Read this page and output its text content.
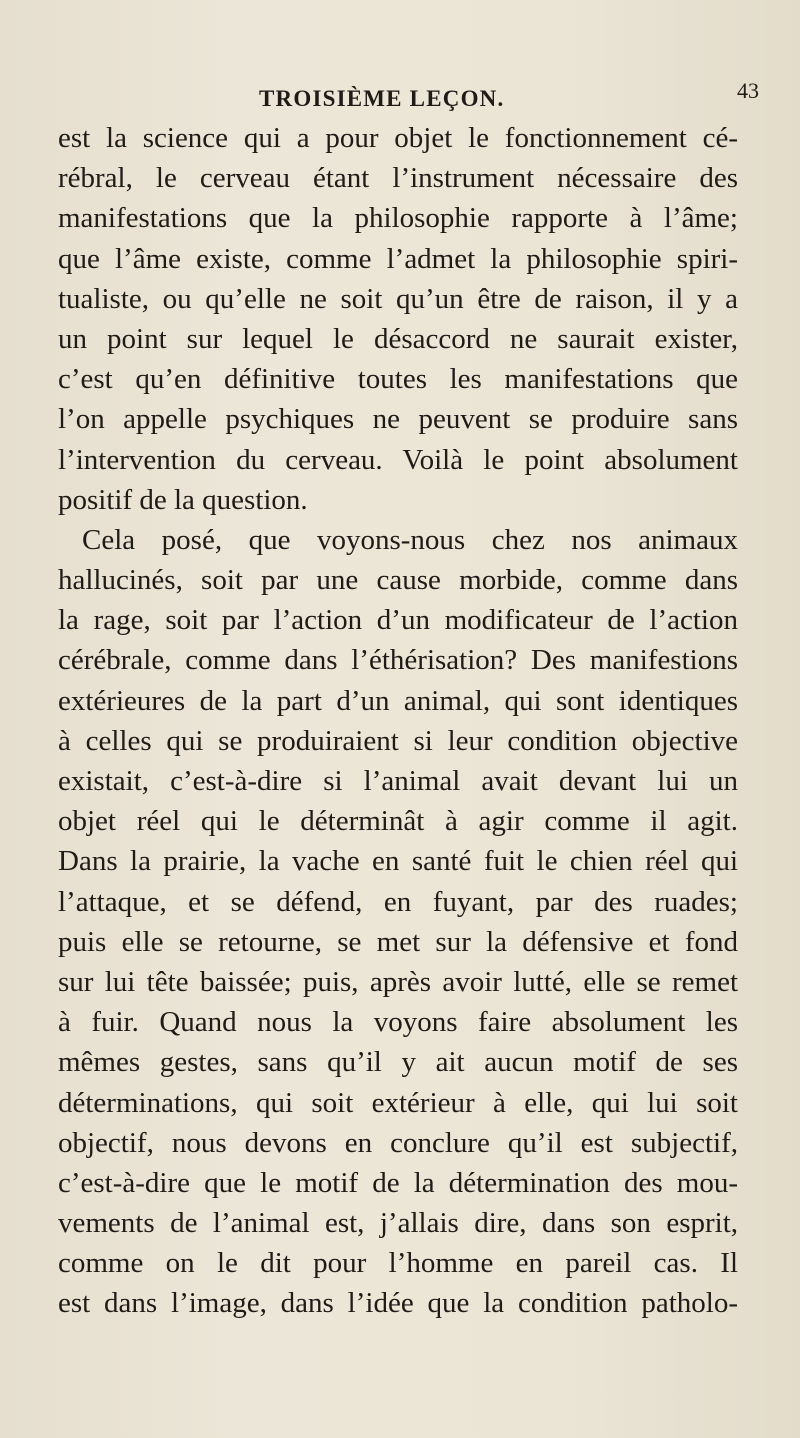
TROISIÈME LEÇON.	43
est la science qui a pour objet le fonctionnement cé-
rébral, le cerveau étant l’instrument nécessaire des
manifestations que la philosophie rapporte à l’âme;
que l’âme existe, comme l’admet la philosophie spiri-
tualiste, ou qu’elle ne soit qu’un être de raison, il y a
un point sur lequel le désaccord ne saurait exister,
c’est qu’en définitive toutes les manifestations que
l’on appelle psychiques ne peuvent se produire sans
l’intervention du cerveau. Voilà le point absolument
positif de la question.
Cela posé, que voyons-nous chez nos animaux
hallucinés, soit par une cause morbide, comme dans
la rage, soit par l’action d’un modificateur de l’action
cérébrale, comme dans l’éthérisation? Des manifestions
extérieures de la part d’un animal, qui sont identiques
à celles qui se produiraient si leur condition objective
existait, c’est-à-dire si l’animal avait devant lui un
objet réel qui le déterminât à agir comme il agit.
Dans la prairie, la vache en santé fuit le chien réel qui
l’attaque, et se défend, en fuyant, par des ruades;
puis elle se retourne, se met sur la défensive et fond
sur lui tête baissée; puis, après avoir lutté, elle se remet
à fuir. Quand nous la voyons faire absolument les
mêmes gestes, sans qu’il y ait aucun motif de ses
déterminations, qui soit extérieur à elle, qui lui soit
objectif, nous devons en conclure qu’il est subjectif,
c’est-à-dire que le motif de la détermination des mou-
vements de l’animal est, j’allais dire, dans son esprit,
comme on le dit pour l’homme en pareil cas. Il
est dans l’image, dans l’idée que la condition patholo-
